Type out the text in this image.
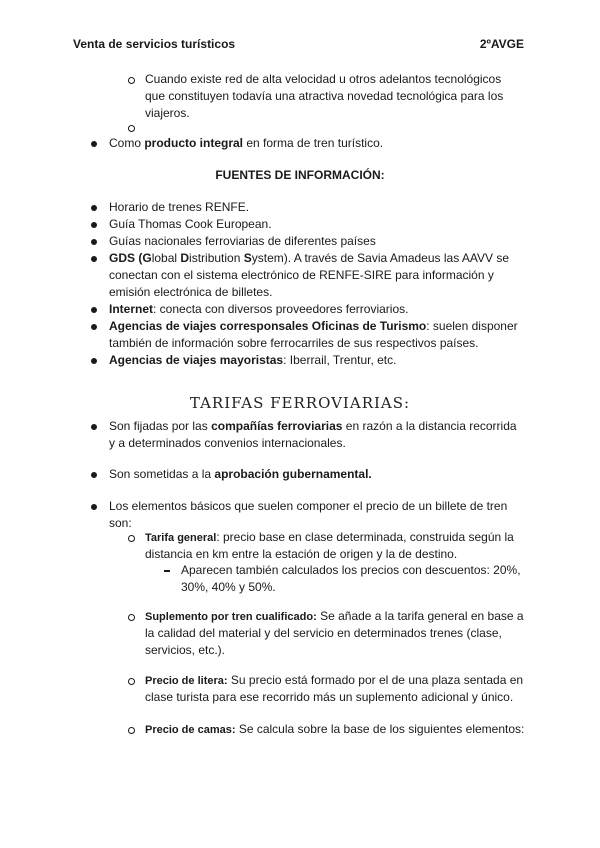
Venta de servicios turísticos	2ºAVGE
Cuando existe red de alta velocidad u otros adelantos tecnológicos
que constituyen todavía una atractiva novedad tecnológica para los
viajeros.
Como producto integral en forma de tren turístico.
FUENTES DE INFORMACIÓN:
Horario de trenes RENFE.
Guía Thomas Cook European.
Guías nacionales ferroviarias de diferentes países
GDS (Global Distribution System). A través de Savia Amadeus las AAVV se
conectan con el sistema electrónico de RENFE-SIRE para información y
emisión electrónica de billetes.
Internet: conecta con diversos proveedores ferroviarios.
Agencias de viajes corresponsales Oficinas de Turismo: suelen disponer
también de información sobre ferrocarriles de sus respectivos países.
Agencias de viajes mayoristas: Iberrail, Trentur, etc.
TARIFAS FERROVIARIAS:
Son fijadas por las compañías ferroviarias en razón a la distancia recorrida
y a determinados convenios internacionales.
Son sometidas a la aprobación gubernamental.
Los elementos básicos que suelen componer el precio de un billete de tren
son:
Tarifa general: precio base en clase determinada, construida según la
distancia en km entre la estación de origen y la de destino.
Aparecen también calculados los precios con descuentos: 20%,
30%, 40% y 50%.
Suplemento por tren cualificado: Se añade a la tarifa general en base a
la calidad del material y del servicio en determinados trenes (clase,
servicios, etc.).
Precio de litera: Su precio está formado por el de una plaza sentada en
clase turista para ese recorrido más un suplemento adicional y único.
Precio de camas: Se calcula sobre la base de los siguientes elementos:
